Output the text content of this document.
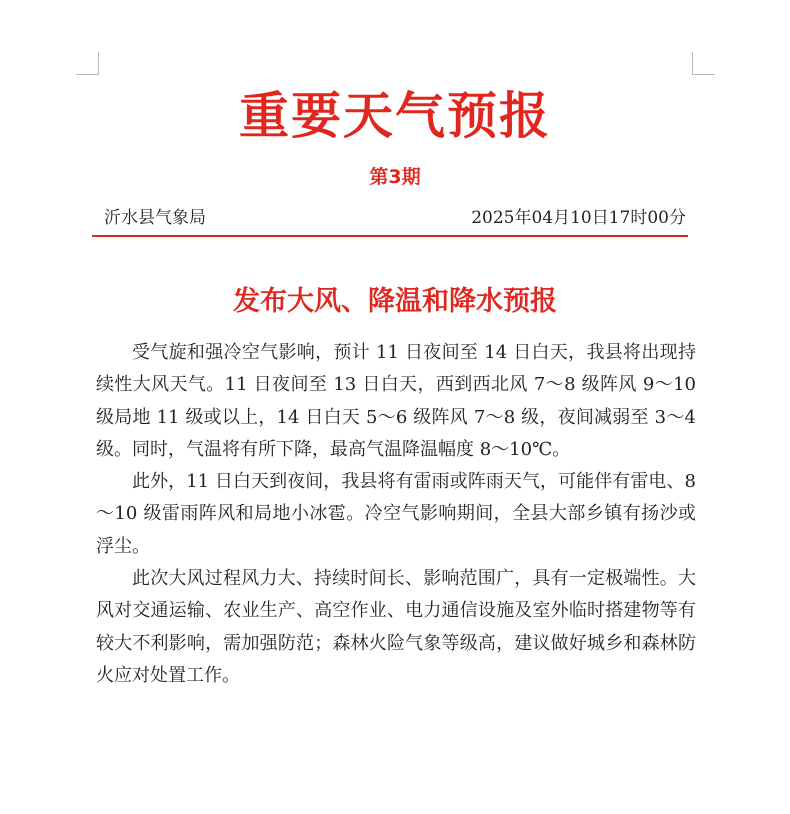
重要天气预报
第3期
沂水县气象局	2025年04月10日17时00分
发布大风、降温和降水预报

受气旋和强冷空气影响，预计 11 日夜间至 14 日白天，我县将出现持续性大风天气。11 日夜间至 13 日白天，西到西北风 7～8 级阵风 9～10 级局地 11 级或以上，14 日白天 5～6 级阵风 7～8 级，夜间减弱至 3～4 级。同时，气温将有所下降，最高气温降温幅度 8～10℃。

此外，11 日白天到夜间，我县将有雷雨或阵雨天气，可能伴有雷电、8～10 级雷雨阵风和局地小冰雹。冷空气影响期间，全县大部乡镇有扬沙或浮尘。

此次大风过程风力大、持续时间长、影响范围广，具有一定极端性。大风对交通运输、农业生产、高空作业、电力通信设施及室外临时搭建物等有较大不利影响，需加强防范；森林火险气象等级高，建议做好城乡和森林防火应对处置工作。
